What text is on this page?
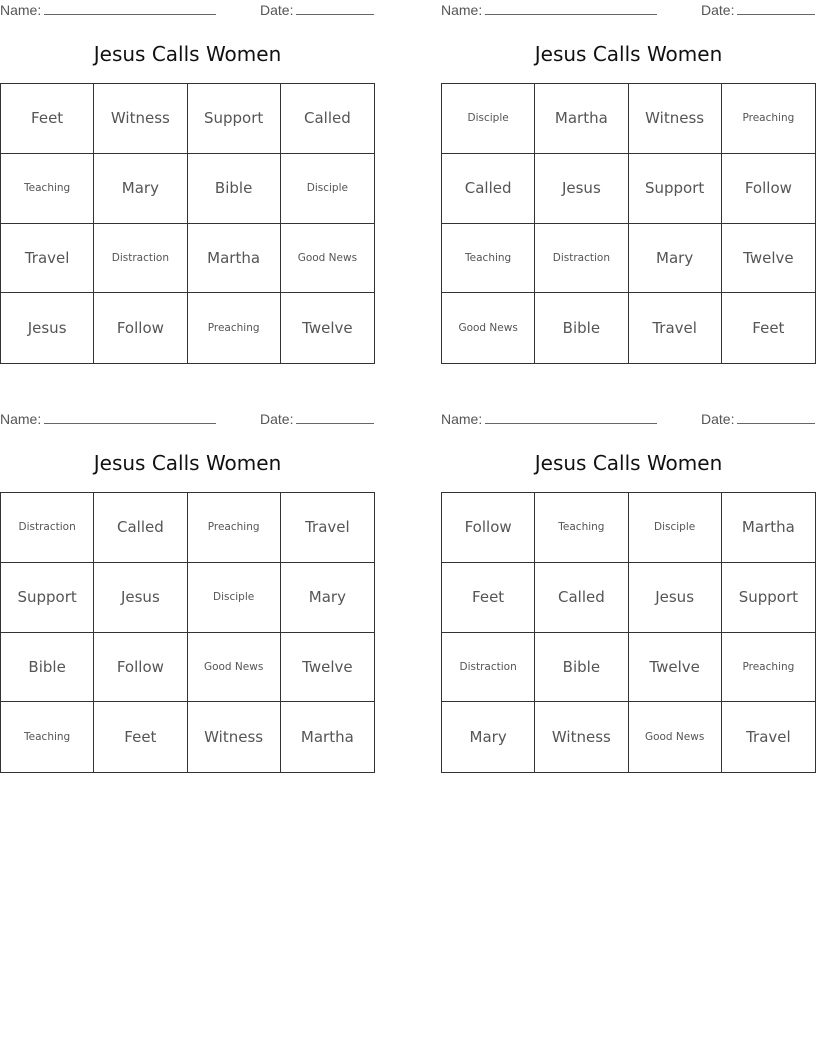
Name:	Date:
Jesus Calls Women
Feet	Witness	Support	Called
Teaching	Mary	Bible	Disciple
Travel	Distraction	Martha	Good News
Jesus	Follow	Preaching	Twelve
Name:	Date:
Jesus Calls Women
Disciple	Martha	Witness	Preaching
Called	Jesus	Support	Follow
Teaching	Distraction	Mary	Twelve
Good News	Bible	Travel	Feet
Name:	Date:
Jesus Calls Women
Distraction	Called	Preaching	Travel
Support	Jesus	Disciple	Mary
Bible	Follow	Good News	Twelve
Teaching	Feet	Witness	Martha
Name:	Date:
Jesus Calls Women
Follow	Teaching	Disciple	Martha
Feet	Called	Jesus	Support
Distraction	Bible	Twelve	Preaching
Mary	Witness	Good News	Travel
